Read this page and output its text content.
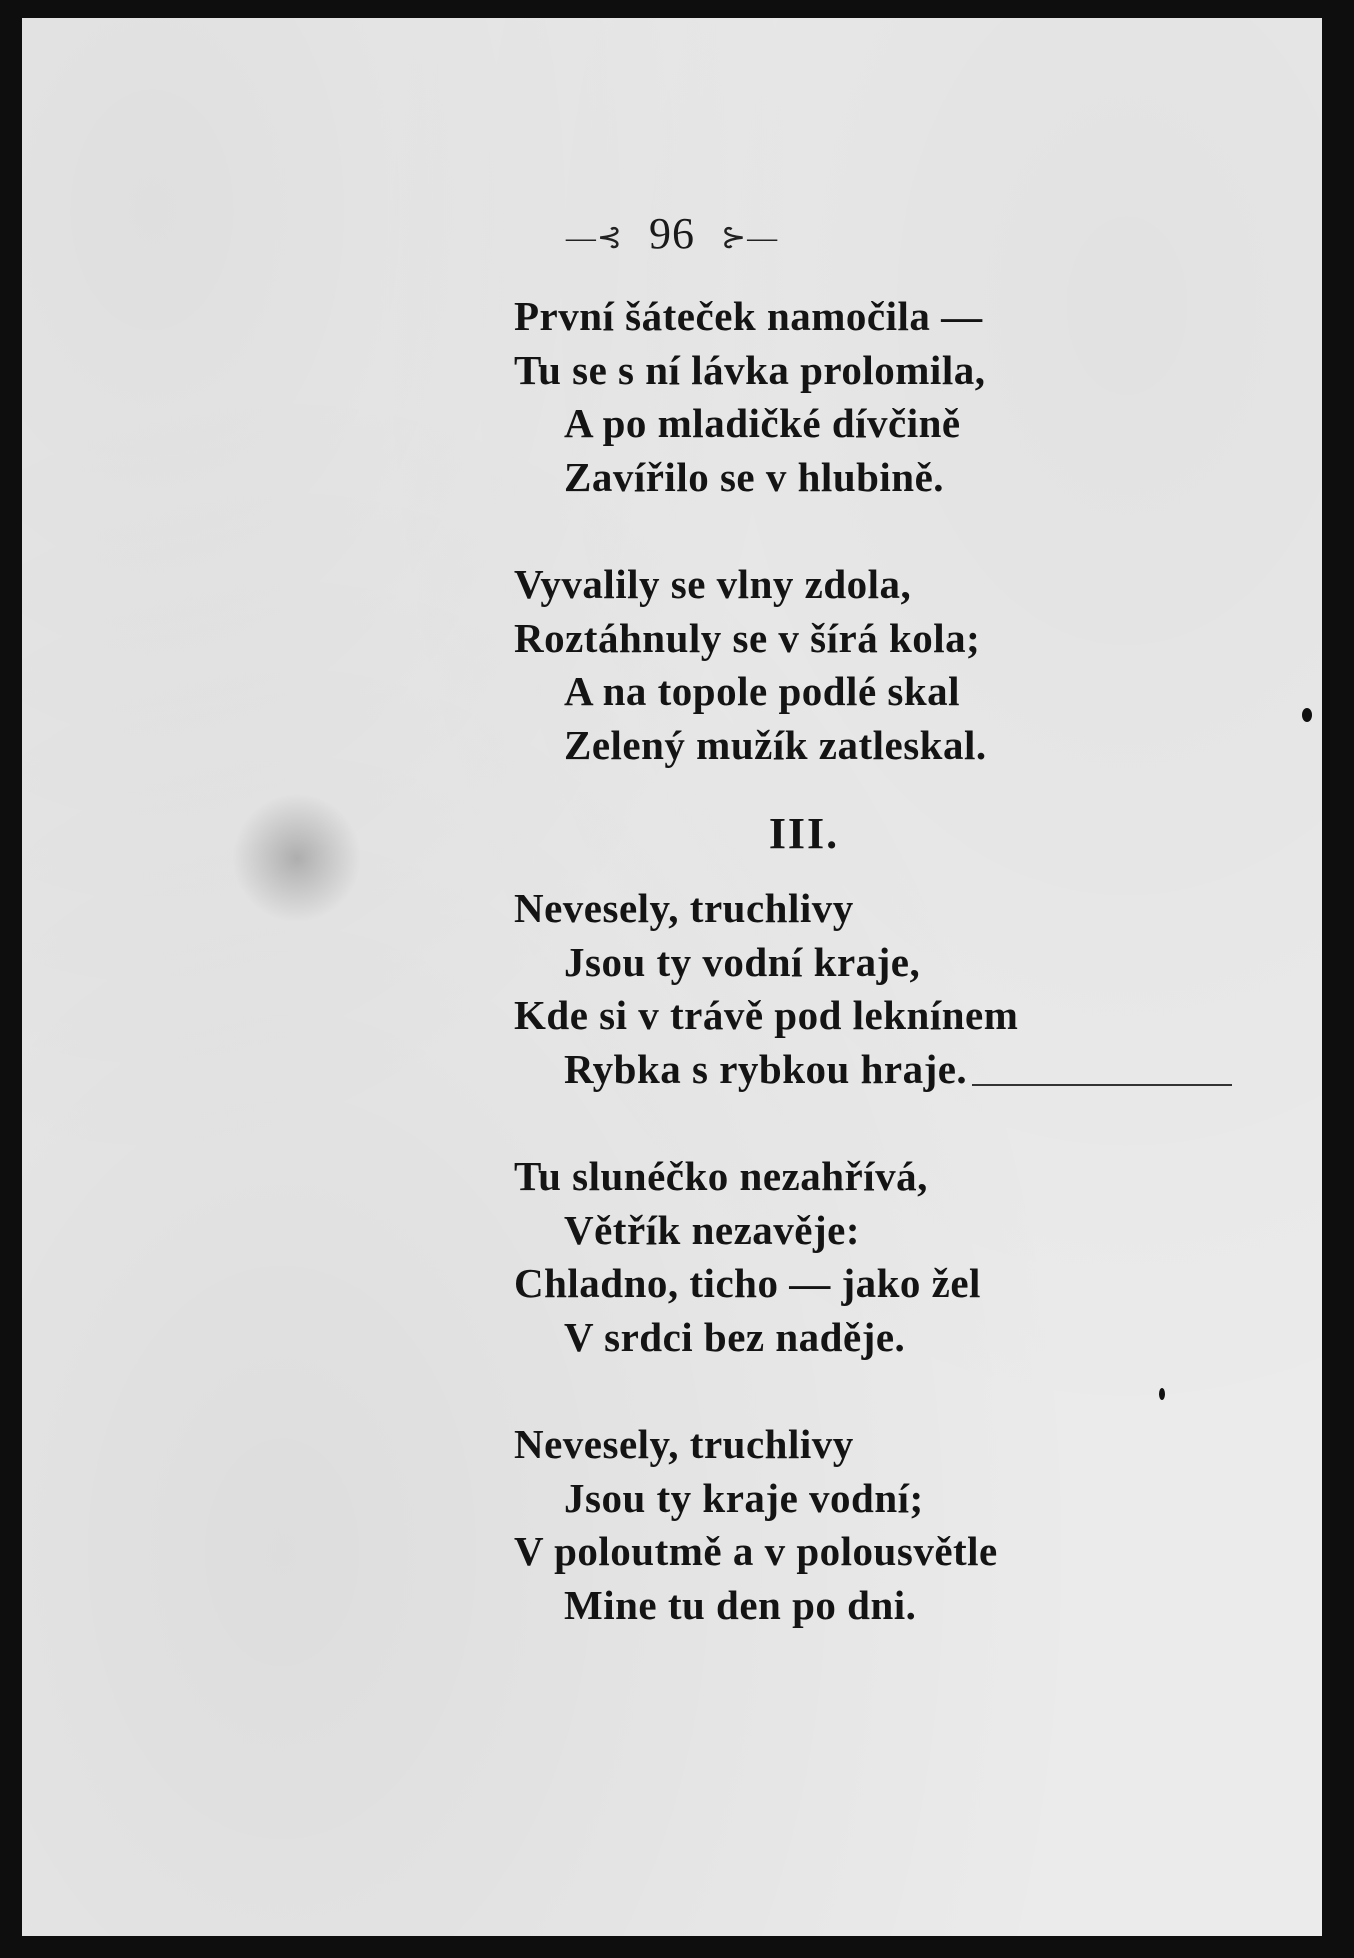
—⊰ 96 ⊱—
První šáteček namočila —
Tu se s ní lávka prolomila,
A po mladičké dívčině
Zavířilo se v hlubině.
Vyvalily se vlny zdola,
Roztáhnuly se v šírá kola;
A na topole podlé skal
Zelený mužík zatleskal.
III.
Nevesely, truchlivy
Jsou ty vodní kraje,
Kde si v trávě pod leknínem
Rybka s rybkou hraje.
Tu slunéčko nezahřívá,
Větřík nezavěje:
Chladno, ticho — jako žel
V srdci bez naděje.
Nevesely, truchlivy
Jsou ty kraje vodní;
V poloutmě a v polousvětle
Mine tu den po dni.
